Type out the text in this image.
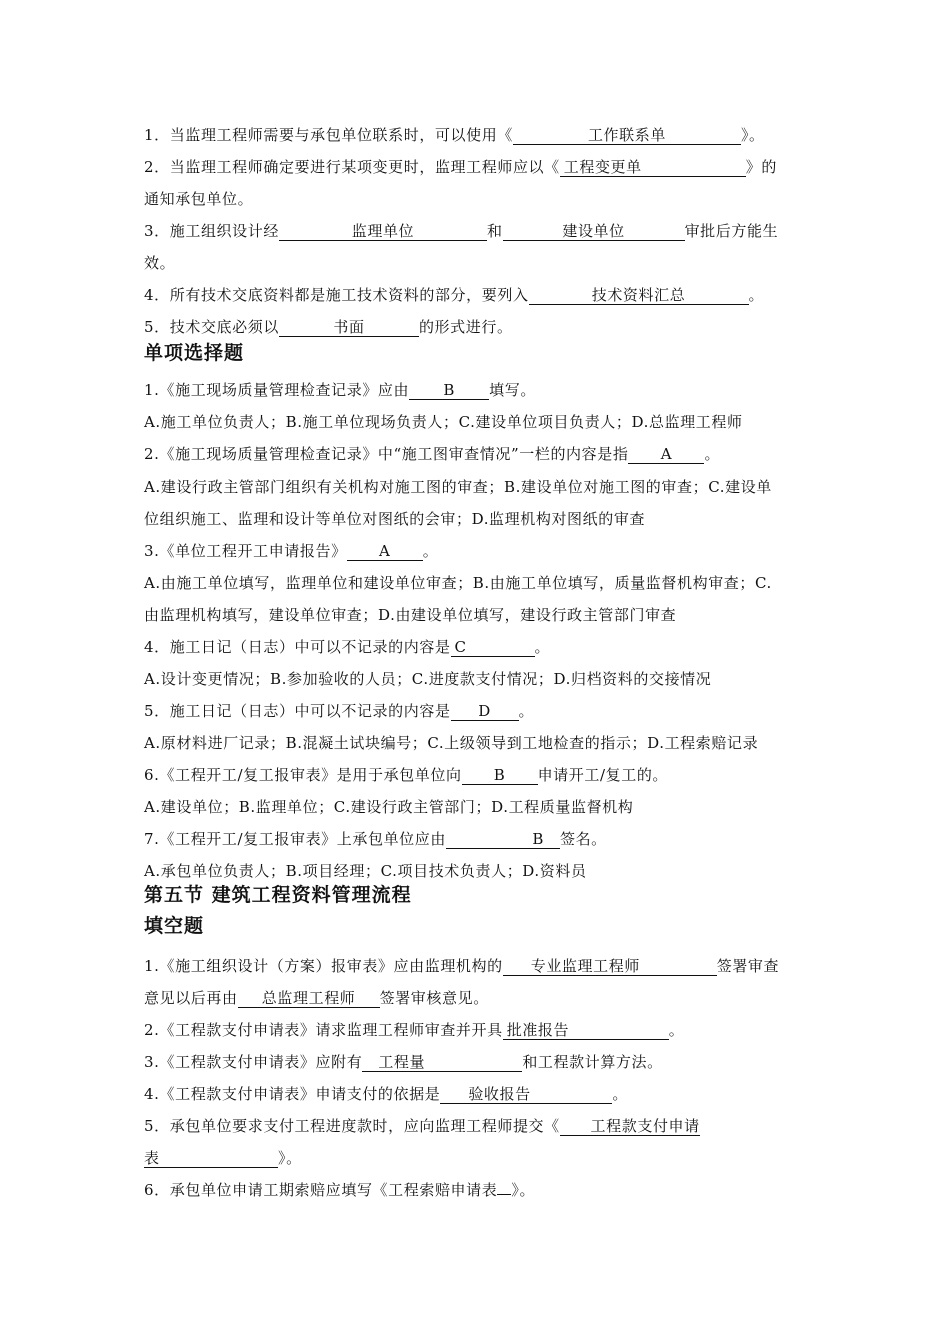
1．当监理工程师需要与承包单位联系时，可以使用《	工作联系单	》。
2．当监理工程师确定要进行某项变更时，监理工程师应以《 工程变更单	》的
通知承包单位。
3．施工组织设计经	监理单位	和	建设单位	审批后方能生
效。
4．所有技术交底资料都是施工技术资料的部分，要列入	技术资料汇总	。
5．技术交底必须以	书面	的形式进行。
单项选择题
1.《施工现场质量管理检查记录》应由 B 填写。
A.施工单位负责人；B.施工单位现场负责人；C.建设单位项目负责人；D.总监理工程师
2.《施工现场质量管理检查记录》中“施工图审查情况”一栏的内容是指 A 。
A.建设行政主管部门组织有关机构对施工图的审查；B.建设单位对施工图的审查；C.建设单
位组织施工、监理和设计等单位对图纸的会审；D.监理机构对图纸的审查
3.《单位工程开工申请报告》 A 。
A.由施工单位填写，监理单位和建设单位审查；B.由施工单位填写，质量监督机构审查；C.
由监理机构填写，建设单位审查；D.由建设单位填写，建设行政主管部门审查
4．施工日记（日志）中可以不记录的内容是 C	。
A.设计变更情况；B.参加验收的人员；C.进度款支付情况；D.归档资料的交接情况
5．施工日记（日志）中可以不记录的内容是 D 。
A.原材料进厂记录；B.混凝土试块编号；C.上级领导到工地检查的指示；D.工程索赔记录
6.《工程开工/复工报审表》是用于承包单位向 B 申请开工/复工的。
A.建设单位；B.监理单位；C.建设行政主管部门；D.工程质量监督机构
7.《工程开工/复工报审表》上承包单位应由	B 签名。
A.承包单位负责人；B.项目经理；C.项目技术负责人；D.资料员
第五节 建筑工程资料管理流程
填空题
1.《施工组织设计（方案）报审表》应由监理机构的 专业监理工程师	签署审查
意见以后再由 总监理工程师 签署审核意见。
2.《工程款支付申请表》请求监理工程师审查并开具 批准报告	。
3.《工程款支付申请表》应附有 工程量	和工程款计算方法。
4.《工程款支付申请表》申请支付的依据是 验收报告	。
5．承包单位要求支付工程进度款时，应向监理工程师提交《 工程款支付申请
表	》。
6．承包单位申请工期索赔应填写《工程索赔申请表 》。
